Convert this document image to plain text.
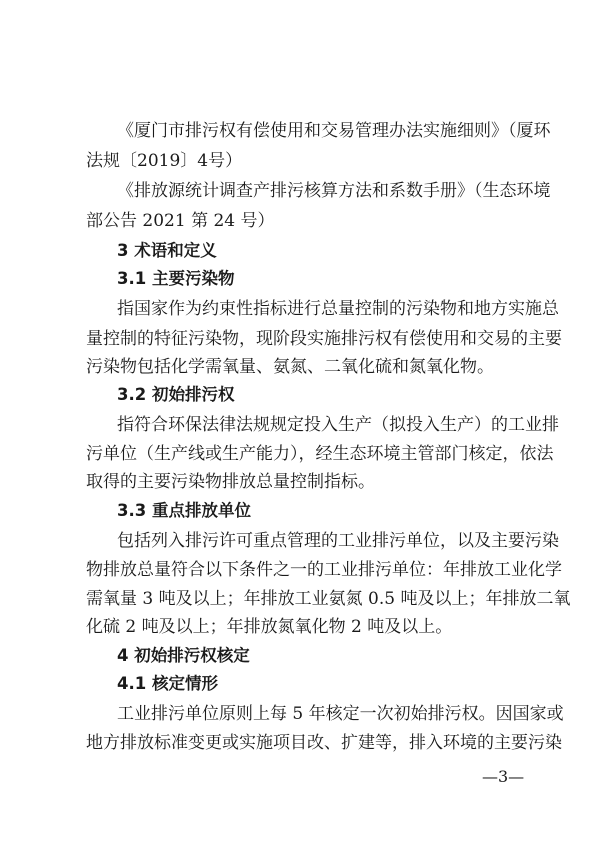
《厦门市排污权有偿使用和交易管理办法实施细则》（厦环
法规〔2019〕4号）
《排放源统计调查产排污核算方法和系数手册》（生态环境
部公告 2021 第 24 号）
3 术语和定义
3.1 主要污染物
指国家作为约束性指标进行总量控制的污染物和地方实施总
量控制的特征污染物，现阶段实施排污权有偿使用和交易的主要
污染物包括化学需氧量、氨氮、二氧化硫和氮氧化物。
3.2 初始排污权
指符合环保法律法规规定投入生产（拟投入生产）的工业排
污单位（生产线或生产能力），经生态环境主管部门核定，依法
取得的主要污染物排放总量控制指标。
3.3 重点排放单位
包括列入排污许可重点管理的工业排污单位，以及主要污染
物排放总量符合以下条件之一的工业排污单位：年排放工业化学
需氧量 3 吨及以上；年排放工业氨氮 0.5 吨及以上；年排放二氧
化硫 2 吨及以上；年排放氮氧化物 2 吨及以上。
4 初始排污权核定
4.1 核定情形
工业排污单位原则上每 5 年核定一次初始排污权。因国家或
地方排放标准变更或实施项目改、扩建等，排入环境的主要污染
—3—
